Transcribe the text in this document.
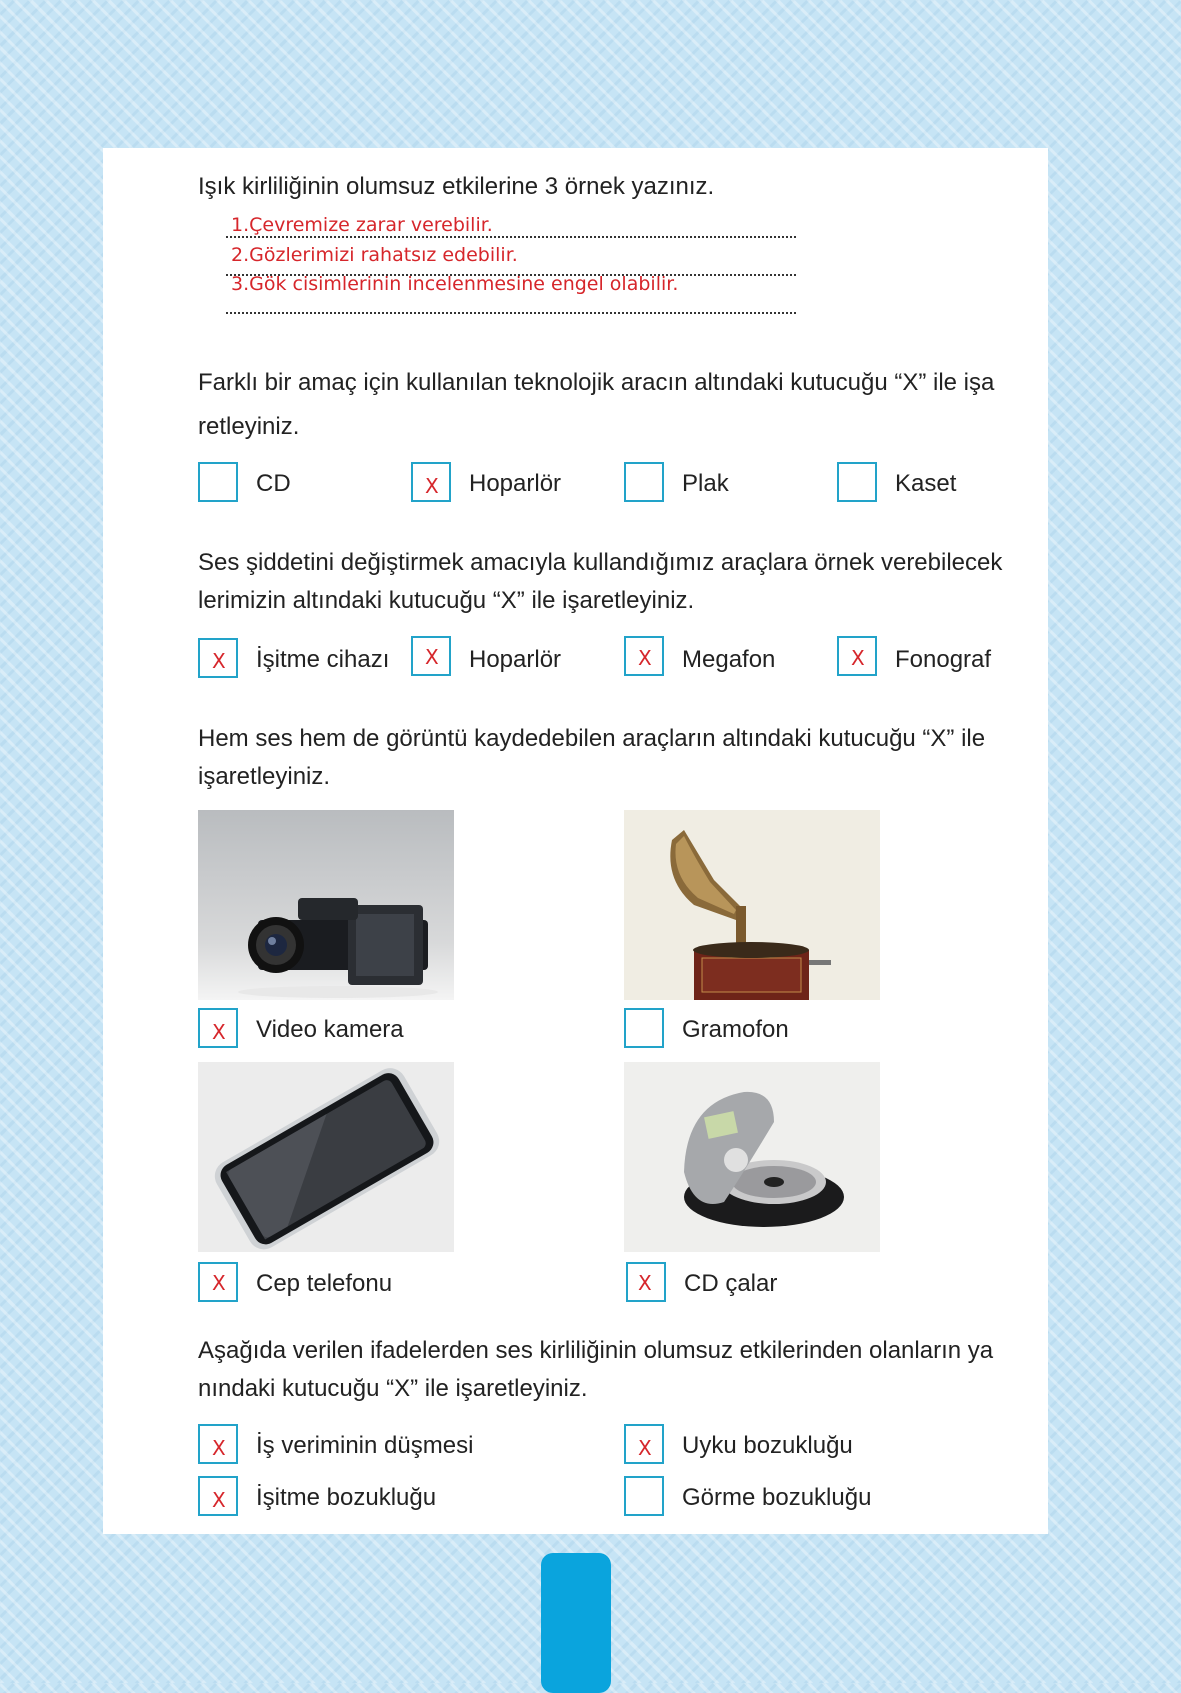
Işık kirliliğinin olumsuz etkilerine 3 örnek yazınız.
1.Çevremize zarar verebilir.
2.Gözlerimizi rahatsız edebilir.
3.Gök cisimlerinin incelenmesine engel olabilir.
Farklı bir amaç için kullanılan teknolojik aracın altındaki kutucuğu “X” ile işa
retleyiniz.
CD	X Hoparlör	Plak	Kaset
Ses şiddetini değiştirmek amacıyla kullandığımız araçlara örnek verebilecek
lerimizin altındaki kutucuğu “X” ile işaretleyiniz.
X İşitme cihazı X Hoparlör	X Megafon	X Fonograf
Hem ses hem de görüntü kaydedebilen araçların altındaki kutucuğu “X” ile
işaretleyiniz.
X Video kamera	Gramofon
X Cep telefonu	X CD çalar
Aşağıda verilen ifadelerden ses kirliliğinin olumsuz etkilerinden olanların ya
nındaki kutucuğu “X” ile işaretleyiniz.
X İş veriminin düşmesi	X Uyku bozukluğu
X İşitme bozukluğu	Görme bozukluğu
